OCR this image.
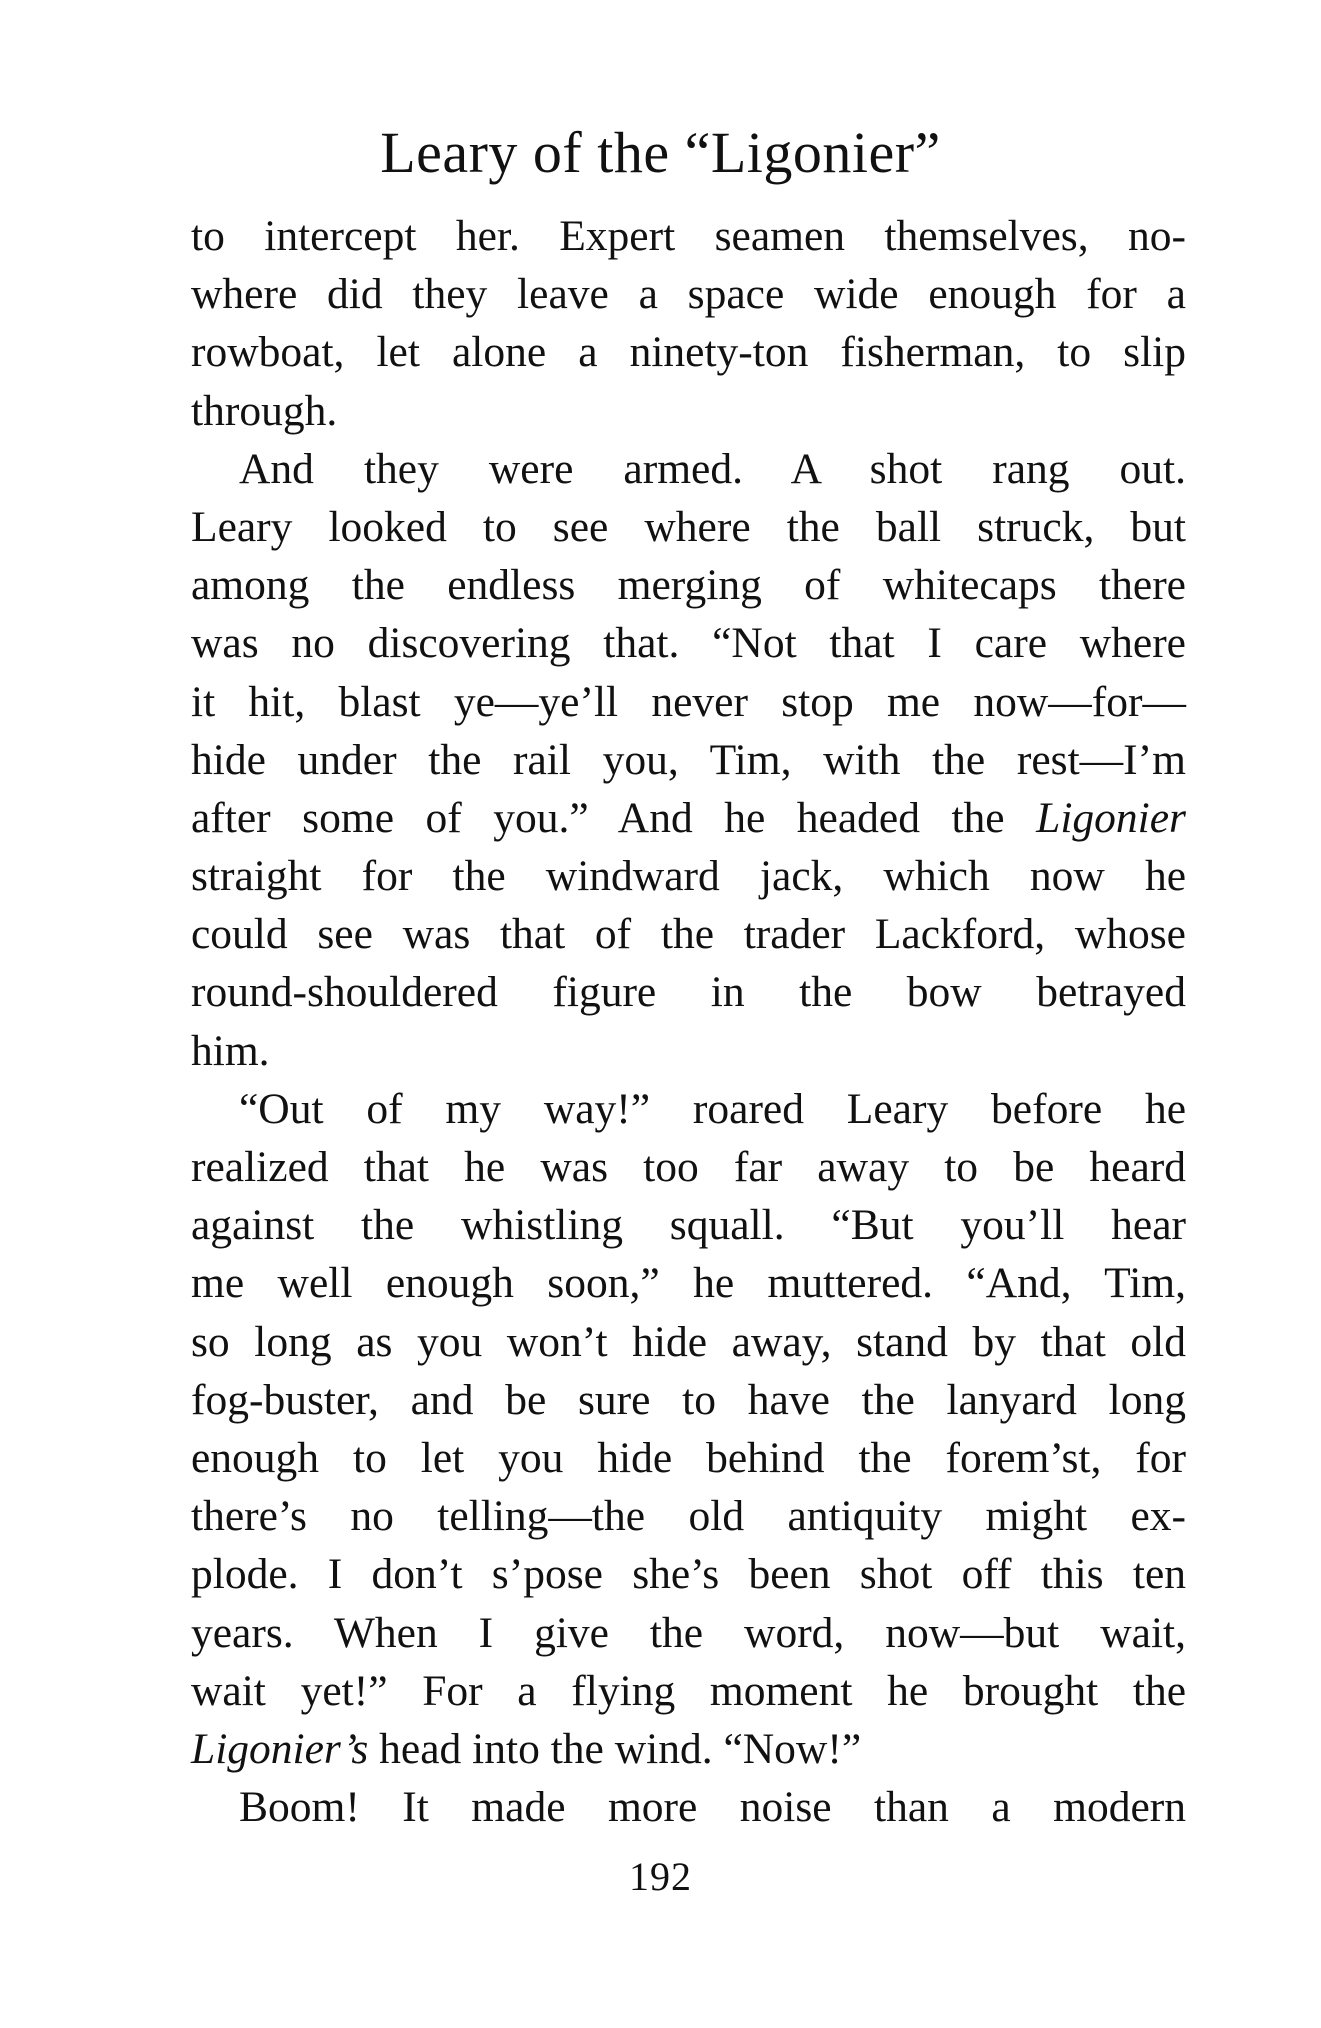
Leary of the “Ligonier”
to intercept her. Expert seamen themselves, no-
where did they leave a space wide enough for a
rowboat, let alone a ninety-ton fisherman, to slip
through.
And they were armed. A shot rang out.
Leary looked to see where the ball struck, but
among the endless merging of whitecaps there
was no discovering that. “Not that I care where
it hit, blast ye—ye’ll never stop me now—for—
hide under the rail you, Tim, with the rest—I’m
after some of you.” And he headed the Ligonier
straight for the windward jack, which now he
could see was that of the trader Lackford, whose
round-shouldered figure in the bow betrayed
him.
“Out of my way!” roared Leary before he
realized that he was too far away to be heard
against the whistling squall. “But you’ll hear
me well enough soon,” he muttered. “And, Tim,
so long as you won’t hide away, stand by that old
fog-buster, and be sure to have the lanyard long
enough to let you hide behind the forem’st, for
there’s no telling—the old antiquity might ex-
plode. I don’t s’pose she’s been shot off this ten
years. When I give the word, now—but wait,
wait yet!” For a flying moment he brought the
Ligonier’s head into the wind. “Now!”
Boom! It made more noise than a modern
192
